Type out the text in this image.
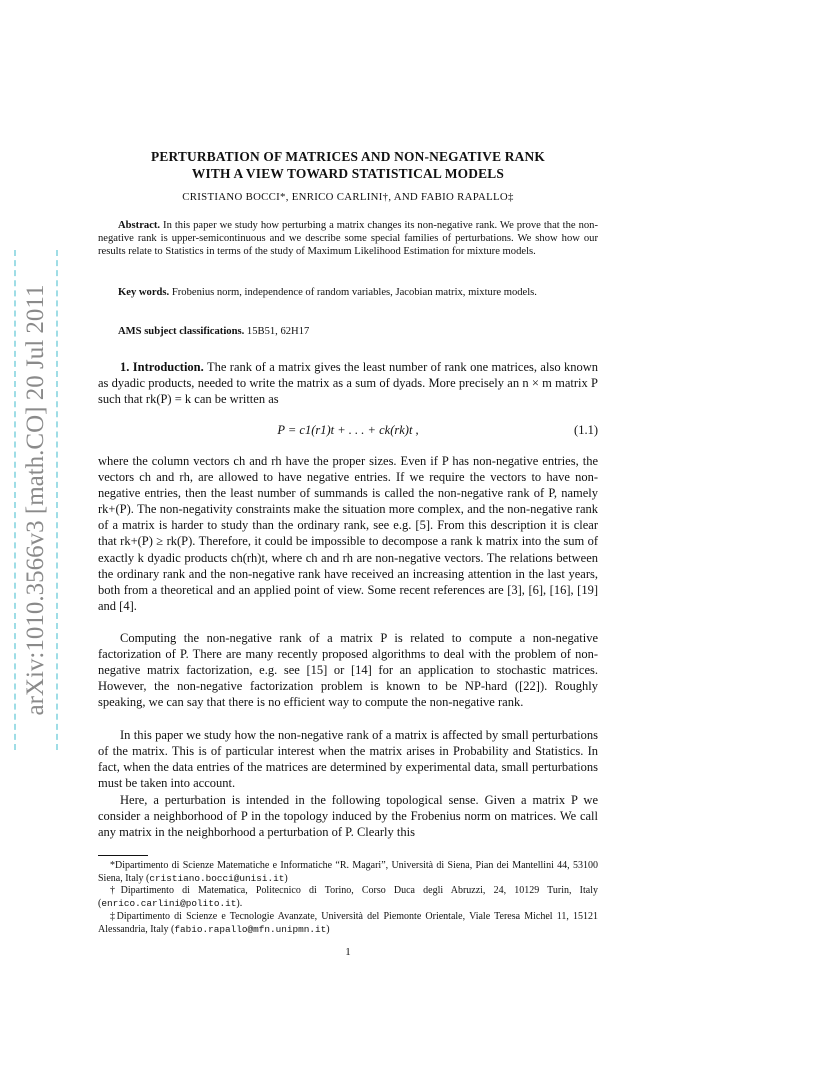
arXiv:1010.3566v3 [math.CO] 20 Jul 2011
PERTURBATION OF MATRICES AND NON-NEGATIVE RANK
WITH A VIEW TOWARD STATISTICAL MODELS
CRISTIANO BOCCI*, ENRICO CARLINI†, AND FABIO RAPALLO‡
Abstract. In this paper we study how perturbing a matrix changes its non-negative rank. We prove that the non-negative rank is upper-semicontinuous and we describe some special families of perturbations. We show how our results relate to Statistics in terms of the study of Maximum Likelihood Estimation for mixture models.
Key words. Frobenius norm, independence of random variables, Jacobian matrix, mixture models.
AMS subject classifications. 15B51, 62H17

1. Introduction. The rank of a matrix gives the least number of rank one matrices, also known as dyadic products, needed to write the matrix as a sum of dyads. More precisely an n × m matrix P such that rk(P) = k can be written as

P = c1(r1)t + . . . + ck(rk)t ,	(1.1)

where the column vectors ch and rh have the proper sizes. Even if P has non-negative entries, the vectors ch and rh, are allowed to have negative entries. If we require the vectors to have non-negative entries, then the least number of summands is called the non-negative rank of P, namely rk+(P). The non-negativity constraints make the situation more complex, and the non-negative rank of a matrix is harder to study than the ordinary rank, see e.g. [5]. From this description it is clear that rk+(P) ≥ rk(P). Therefore, it could be impossible to decompose a rank k matrix into the sum of exactly k dyadic products ch(rh)t, where ch and rh are non-negative vectors. The relations between the ordinary rank and the non-negative rank have received an increasing attention in the last years, both from a theoretical and an applied point of view. Some recent references are [3], [6], [16], [19] and [4].

Computing the non-negative rank of a matrix P is related to compute a non-negative factorization of P. There are many recently proposed algorithms to deal with the problem of non-negative matrix factorization, e.g. see [15] or [14] for an application to stochastic matrices. However, the non-negative factorization problem is known to be NP-hard ([22]). Roughly speaking, we can say that there is no efficient way to compute the non-negative rank.

In this paper we study how the non-negative rank of a matrix is affected by small perturbations of the matrix. This is of particular interest when the matrix arises in Probability and Statistics. In fact, when the data entries of the matrices are determined by experimental data, small perturbations must be taken into account.

Here, a perturbation is intended in the following topological sense. Given a matrix P we consider a neighborhood of P in the topology induced by the Frobenius norm on matrices. We call any matrix in the neighborhood a perturbation of P. Clearly this

*Dipartimento di Scienze Matematiche e Informatiche “R. Magari”, Università di Siena, Pian dei Mantellini 44, 53100 Siena, Italy (cristiano.bocci@unisi.it)

†Dipartimento di Matematica, Politecnico di Torino, Corso Duca degli Abruzzi, 24, 10129 Turin, Italy (enrico.carlini@polito.it).

‡Dipartimento di Scienze e Tecnologie Avanzate, Università del Piemonte Orientale, Viale Teresa Michel 11, 15121 Alessandria, Italy (fabio.rapallo@mfn.unipmn.it)

1
